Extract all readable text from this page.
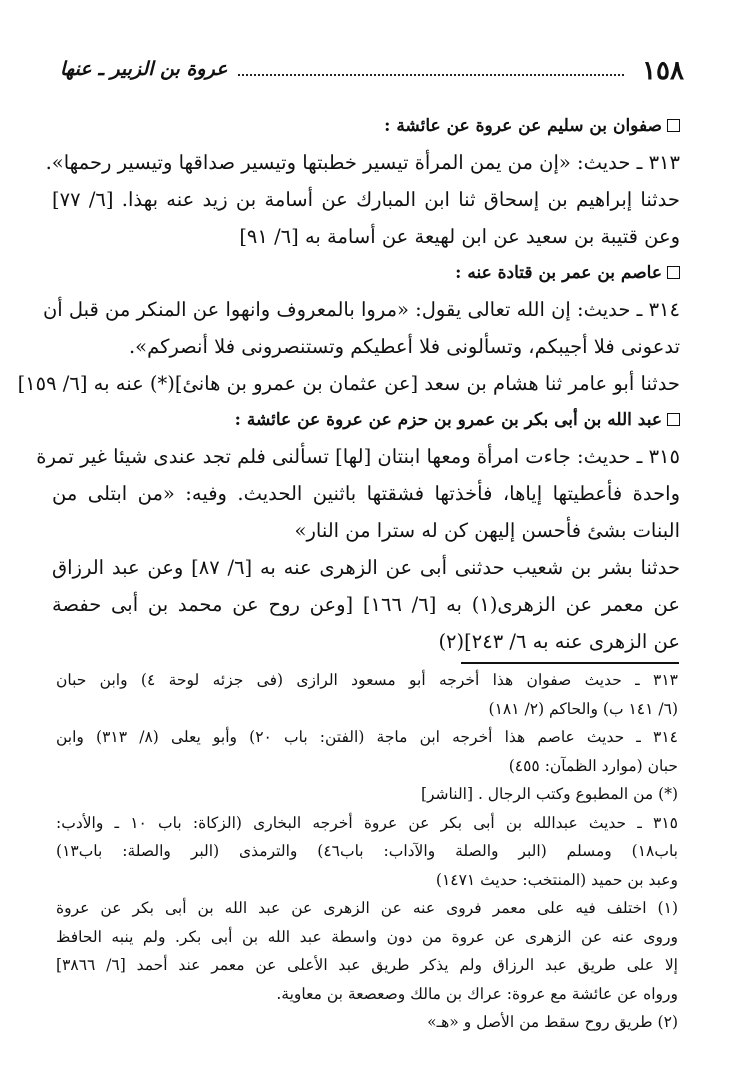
١٥٨
عروة بن الزبير ـ عنها
صفوان بن سليم عن عروة عن عائشة :
٣١٣ ـ حديث: «إن من يمن المرأة تيسير خطبتها وتيسير صداقها وتيسير رحمها».
حدثنا إبراهيم بن إسحاق ثنا ابن المبارك عن أسامة بن زيد عنه بهذا. [٦/ ٧٧]
وعن قتيبة بن سعيد عن ابن لهيعة عن أسامة به [٦/ ٩١]
عاصم بن عمر بن قتادة عنه :
٣١٤ ـ حديث: إن الله تعالى يقول: «مروا بالمعروف وانهوا عن المنكر من قبل أن
تدعونى فلا أجيبكم، وتسألونى فلا أعطيكم وتستنصرونى فلا أنصركم».
حدثنا أبو عامر ثنا هشام بن سعد [عن عثمان بن عمرو بن هانئ](*) عنه به [٦/ ١٥٩]
عبد الله بن أبى بكر بن عمرو بن حزم عن عروة عن عائشة :
٣١٥ ـ حديث: جاءت امرأة ومعها ابنتان [لها] تسألنى فلم تجد عندى شيئا غير تمرة
واحدة فأعطيتها إياها، فأخذتها فشقتها باثنين الحديث. وفيه: «من ابتلى من
البنات بشئ فأحسن إليهن كن له سترا من النار»
حدثنا بشر بن شعيب حدثنى أبى عن الزهرى عنه به [٦/ ٨٧] وعن عبد الرزاق
عن معمر عن الزهرى(١) به [٦/ ١٦٦] [وعن روح عن محمد بن أبى حفصة
عن الزهرى عنه به ٦/ ٢٤٣](٢)
٣١٣ ـ حديث صفوان هذا أخرجه أبو مسعود الرازى (فى جزئه لوحة ٤) وابن حبان
(٦/ ١٤١ ب) والحاكم (٢/ ١٨١)
٣١٤ ـ حديث عاصم هذا أخرجه ابن ماجة (الفتن: باب ٢٠) وأبو يعلى (٨/ ٣١٣) وابن
حبان (موارد الظمآن: ٤٥٥)
(*) من المطبوع وكتب الرجال . [الناشر]
٣١٥ ـ حديث عبدالله بن أبى بكر عن عروة أخرجه البخارى (الزكاة: باب ١٠ ـ والأدب:
باب١٨) ومسلم (البر والصلة والآداب: باب٤٦) والترمذى (البر والصلة: باب١٣)
وعبد بن حميد (المنتخب: حديث ١٤٧١)
(١) اختلف فيه على معمر فروى عنه عن الزهرى عن عبد الله بن أبى بكر عن عروة
وروى عنه عن الزهرى عن عروة من دون واسطة عبد الله بن أبى بكر. ولم ينبه الحافظ
إلا على طريق عبد الرزاق ولم يذكر طريق عبد الأعلى عن معمر عند أحمد [٦/ ٣٨٦٦]
ورواه عن عائشة مع عروة: عراك بن مالك وصعصعة بن معاوية.
(٢) طريق روح سقط من الأصل و «هـ»
